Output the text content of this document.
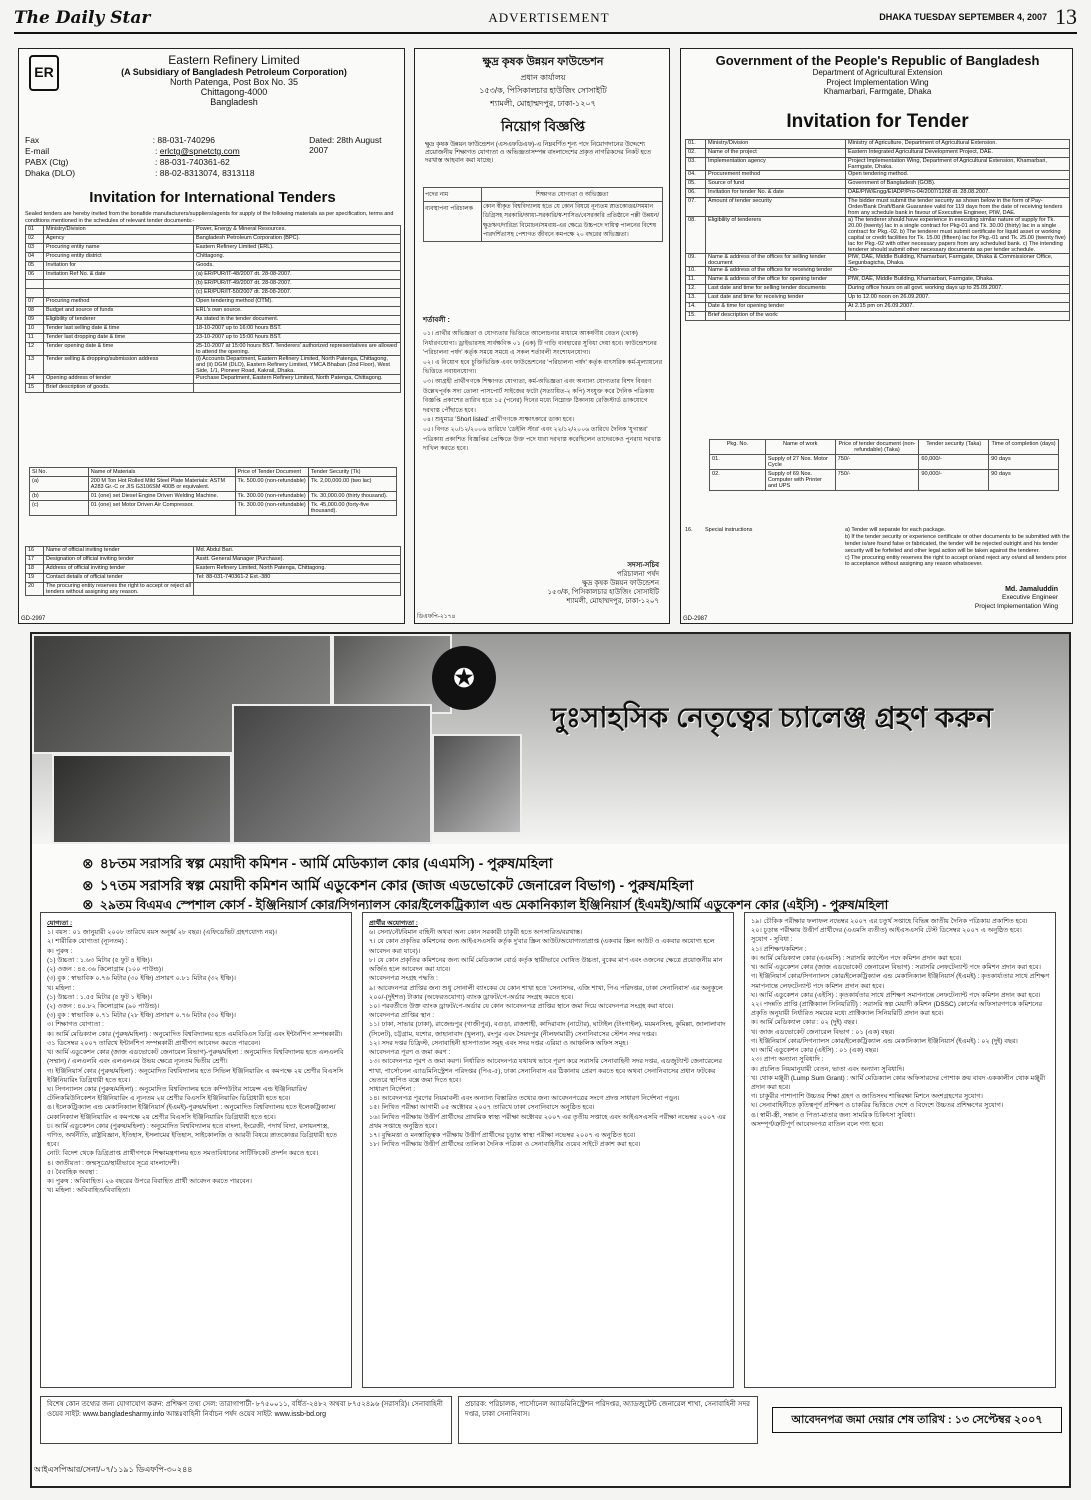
The Daily Star	ADVERTISEMENT	DHAKA TUESDAY SEPTEMBER 4, 2007 13
ER
Eastern Refinery Limited
(A Subsidiary of Bangladesh Petroleum Corporation)
North Patenga, Post Box No. 35
Chittagong-4000
Bangladesh
Fax	: 88-031-740296	Dated: 28th August 2007
E-mail	: erlctg@spnetctg.com
PABX (Ctg)	: 88-031-740361-62
Dhaka (DLO)	: 88-02-8313074, 8313118
Invitation for International Tenders
Sealed tenders are hereby invited from the bonafide manufacturers/suppliers/agents for supply of the following materials as per specification, terms and conditions mentioned in the schedules of relevant tender documents:-
01	Ministry/Division	Power, Energy & Mineral Resources.
02	Agency	Bangladesh Petroleum Corporation (BPC).
03	Procuring entity name	Eastern Refinery Limited (ERL).
04	Procuring entity district	Chittagong.
05	Invitation for	Goods.
06	Invitation Ref No. & date	(a) ER/PUR/IT-48/2007 dt. 28-08-2007.
		(b) ER/PUR/IT-49/2007 dt. 28-08-2007.
		(c) ER/PUR/IT-50/2007 dt. 28-08-2007.
07	Procuring method	Open tendering method (OTM).
08	Budget and source of funds	ERL's own source.
09	Eligibility of tenderer	As stated in the tender document.
10	Tender last selling date & time	18-10-2007 up to 16:00 hours BST.
11	Tender last dropping date & time	23-10-2007 up to 15:00 hours BST.
12	Tender opening date & time	25-10-2007 at 15:00 hours BST. Tenderers' authorized representatives are allowed to attend the opening.
13	Tender selling & dropping/submission address	(i) Accounts Department, Eastern Refinery Limited, North Patenga, Chittagong, and (ii) DGM (DLO), Eastern Refinery Limited, YMCA Bhaban (2nd Floor), West Side, 1/1, Pioneer Road, Kakrail, Dhaka.
14	Opening address of tender	Purchase Department, Eastern Refinery Limited, North Patenga, Chittagong.
15	Brief description of goods.	
Sl No.	Name of Materials	Price of Tender Document	Tender Security (Tk)
(a)	200 M Ton Hot Rolled Mild Steel Plate Materials: ASTM A283 Gr.-C or JIS G3106SM 400B or equivalent.	Tk. 500.00 (non-refundable)	Tk. 2,00,000.00 (two lac)
(b)	01 (one) set Diesel Engine Driven Welding Machine.	Tk. 300.00 (non-refundable)	Tk. 30,000.00 (thirty thousand).
(c)	01 (one) set Motor Driven Air Compressor.	Tk. 300.00 (non-refundable)	Tk. 45,000.00 (forty-five thousand).
16	Name of official inviting tender	Md. Abdul Bari.
17	Designation of official inviting tender	Asstt. General Manager (Purchase).
18	Address of official inviting tender	Eastern Refinery Limited, North Patenga, Chittagong.
19	Contact details of official tender	Tel: 88-031-740361-2 Ext.-380
20	The procuring entity reserves the right to accept or reject all tenders without assigning any reason.	
GD-2997
ক্ষুদ্র কৃষক উন্নয়ন ফাউন্ডেশন
প্রধান কার্যালয়
১৫৩/ক, পিসিকালচার হাউজিং সোসাইটি
শ্যামলী, মোহাম্মদপুর, ঢাকা-১২০৭
নিয়োগ বিজ্ঞপ্তি
ক্ষুদ্র কৃষক উন্নয়ন ফাউন্ডেশন (এসএফডিএফ)-এ নিম্নবর্ণিত শূন্য পদে নিয়োগদানের উদ্দেশ্যে প্রয়োজনীয় শিক্ষাগত যোগ্যতা ও অভিজ্ঞতাসম্পন্ন বাংলাদেশের প্রকৃত নাগরিকদের নিকট হতে দরখাস্ত আহবান করা যাচ্ছে।
পদের নাম	শিক্ষাগত যোগ্যতা ও অভিজ্ঞতা
ব্যবস্থাপনা পরিচালক	কোন স্বীকৃত বিশ্ববিদ্যালয় হতে যে কোন বিষয়ে নূন্যতম স্নাতকোত্তর/সমমান ডিগ্রিসহ সরকারি/আধা-সরকারি/স্ব-শাসিত/বেসরকারি প্রতিষ্ঠানে পল্লী উন্নয়ন/ক্ষুদ্রঋণ/দারিদ্র্য বিমোচন/সমবায়-এর ক্ষেত্রে উচ্চপদে দায়িত্ব পালনের বিশেষ পারদর্শিতাসহ পেশাগত জীবনে কমপক্ষে ২০ বছরের অভিজ্ঞতা।
শর্তাবলী :
০১। প্রার্থীর অভিজ্ঞতা ও যোগ্যতার ভিত্তিতে আলোচনার মাধ্যমে আকর্ষণীয় বেতন (থোক) নির্ধারণযোগ্য। ড্রাইভারসহ সার্বক্ষণিক ০১ (এক) টি গাড়ি ব্যবহারের সুবিধা দেয়া হবে। ফাউন্ডেশনের 'পরিচালনা পর্ষদ' কর্তৃক সময়ে সময়ে এ সকল শর্তাবলী সংশোধনযোগ্য।
০২। এ নিয়োগ হবে চুক্তিভিত্তিক এবং ফাউন্ডেশনের 'পরিচালনা পর্ষদ' কর্তৃক বাৎসরিক কর্ম-মূল্যায়নের ভিত্তিতে নবায়নযোগ্য।
০৩। আগ্রহী প্রার্থীগণকে শিক্ষাগত যোগ্যতা, কর্ম-অভিজ্ঞতা এবং অন্যান্য যোগ্যতার বিশদ বিবরণ উল্লেখপূর্বক সদ্য তোলা পাসপোর্ট সাইজের ফটো (সত্যায়িত-২ কপি) সংযুক্ত করে দৈনিক পত্রিকায় বিজ্ঞপ্তি প্রকাশের তারিখ হতে ১৫ (পনের) দিনের মধ্যে নিম্নোক্ত ঠিকানায় রেজিস্টার্ড ডাকযোগে দরখাস্ত পৌঁছাতে হবে।
০৪। শুধুমাত্র 'Short listed' প্রার্থীগণকে সাক্ষাৎকারে ডাকা হবে।
০৫। বিগত ২০/১২/২০০৬ তারিখে 'ডেইলি স্টার' এবং ২২/১২/২০০৬ তারিখে দৈনিক 'যুগান্তর' পত্রিকায় প্রকাশিত বিজ্ঞপ্তির প্রেক্ষিতে উক্ত পদে যারা দরখাস্ত করেছিলেন তাদেরকেও পুনরায় দরখাস্ত দাখিল করতে হবে।
সদস্য-সচিব
পরিচালনা পর্ষদ
ক্ষুদ্র কৃষক উন্নয়ন ফাউন্ডেশন
১৫৩/ক, পিসিকালচার হাউজিং সোসাইটি
শ্যামলী, মোহাম্মদপুর, ঢাকা-১২০৭
ডিএফপি-২১৭৪
Government of the People's Republic of Bangladesh
Department of Agricultural Extension
Project Implementation Wing
Khamarbari, Farmgate, Dhaka
Invitation for Tender
01.	Ministry/Division	Ministry of Agriculture, Department of Agricultural Extension.
02.	Name of the project	Eastern Integrated Agricultural Development Project, DAE.
03.	Implementation agency	Project Implementation Wing, Department of Agricultural Extension, Khamarbari, Farmgate, Dhaka.
04.	Procurement method	Open tendering method.
05.	Source of fund	Government of Bangladesh (GOB).
06.	Invitation for tender No. & date	DAE/PIW/Engg/EIADP/Pro-04/2007/1268 dt. 28.08.2007.
07.	Amount of tender security	The bidder must submit the tender security as shown below in the form of Pay-Order/Bank Draft/Bank Guarantee valid for 119 days from the date of receiving tenders from any schedule bank in favour of Executive Engineer, PIW, DAE.
08.	Eligibility of tenderers	a) The tenderer should have experience in executing similar nature of supply for Tk. 20.00 (twenty) lac in a single contract for Pkg-01 and Tk. 30.00 (thirty) lac in a single contract for Pkg.-02. b) The tenderer must submit certificate for liquid asset or working capital or credit facilities for Tk. 15.00 (fifteen) lac for Pkg.-01 and Tk. 25.00 (twenty five) lac for Pkg.-02 with other necessary papers from any scheduled bank. c) The intending tenderer should submit other necessary documents as per tender schedule.
09.	Name & address of the offices for selling tender document	PIW, DAE, Middle Building, Khamarbari, Farmgate, Dhaka & Commissioner Office, Segunbagicha, Dhaka.
10.	Name & address of the offices for receiving tender	-Do-
11.	Name & address of the office for opening tender	PIW, DAE, Middle Building, Khamarbari, Farmgate, Dhaka.
12.	Last date and time for selling tender documents	During office hours on all govt. working days up to 25.09.2007.
13.	Last date and time for receiving tender	Up to 12.00 noon on 26.09.2007.
14.	Date & time for opening tender	At 2.15 pm on 26.09.2007.
15.	Brief description of the work:	
Pkg. No.	Name of work	Price of tender document (non-refundable) (Taka)	Tender security (Taka)	Time of completion (days)
01.	Supply of 27 Nos. Motor Cycle	750/-	60,000/-	90 days
02.	Supply of 69 Nos. Computer with Printer and UPS	750/-	90,000/-	90 days
16.	Special instructions	a) Tender will separate for each package.
b) If the tender security or experience certificate or other documents to be submitted with the tender is/are found false or fabricated, the tender will be rejected outright and his tender security will be forfeited and other legal action will be taken against the tenderer.
c) The procuring entity reserves the right to accept or/and reject any or/and all tenders prior to acceptance without assigning any reason whatsoever.
Md. Jamaluddin
Executive Engineer
Project Implementation Wing
GD-2987
✪
দুঃসাহসিক নেতৃত্বের চ্যালেঞ্জ গ্রহণ করুন
⊗ ৪৮তম সরাসরি স্বল্প মেয়াদী কমিশন - আর্মি মেডিক্যাল কোর (এএমসি) - পুরুষ/মহিলা
⊗ ১৭তম সরাসরি স্বল্প মেয়াদী কমিশন আর্মি এডুকেশন কোর (জাজ এডভোকেট জেনারেল বিভাগ) - পুরুষ/মহিলা
⊗ ২৯তম বিএমএ স্পেশাল কোর্স - ইঞ্জিনিয়ার্স কোর/সিগন্যালস কোর/ইলেকট্রিক্যাল এন্ড মেকানিক্যাল ইঞ্জিনিয়ার্স (ইএমই)/আর্মি এডুকেশন কোর (এইসি) - পুরুষ/মহিলা
যোগ্যতা :
১। বয়স : ০১ জানুয়ারী ২০০৮ তারিখে বয়স অনূর্ধ্ব ২৮ বছর। (এফিডেভিট গ্রহণযোগ্য নয়)।
২। শারীরিক যোগ্যতা (ন্যূনতম) :
ক। পুরুষ :
(১) উচ্চতা : ১.৬৩ মিটার (৫ ফুট ৪ ইঞ্চি)।
(২) ওজন : ৪৫.৩৬ কিলোগ্রাম (১০০ পাউন্ড)।
(৩) বুক : স্বাভাবিক ০.৭৬ মিটার (৩০ ইঞ্চি) প্রসারণ ০.৮১ মিটার (৩২ ইঞ্চি)।
খ। মহিলা :
(১) উচ্চতা : ১.৫৫ মিটার (৫ ফুট ১ ইঞ্চি)।
(২) ওজন : ৪০.৮২ কিলোগ্রাম (৯০ পাউন্ড)।
(৩) বুক : স্বাভাবিক ০.৭১ মিটার (২৮ ইঞ্চি) প্রসারণ ০.৭৬ মিটার (৩০ ইঞ্চি)।
৩। শিক্ষাগত যোগ্যতা :
ক। আর্মি মেডিক্যাল কোর (পুরুষ/মহিলা) : অনুমোদিত বিশ্ববিদ্যালয় হতে এমবিবিএস ডিগ্রি এবং ইন্টার্নশিপ সম্পন্নকারী। ৩১ ডিসেম্বর ২০০৭ তারিখে ইন্টার্নশিপ সম্পন্নকারী প্রার্থীগণ আবেদন করতে পারবেন।
খ। আর্মি এডুকেশন কোর (জাজ এডভোকেট জেনারেল বিভাগ)-পুরুষ/মহিলা : অনুমোদিত বিশ্ববিদ্যালয় হতে এলএলবি (সম্মান) / এলএলবি এবং এলএলএম উভয় ক্ষেত্রে ন্যূনতম দ্বিতীয় শ্রেণী।
গ। ইঞ্জিনিয়ার্স কোর (পুরুষ/মহিলা) : অনুমোদিত বিশ্ববিদ্যালয় হতে সিভিল ইঞ্জিনিয়ারিং এ কমপক্ষে ২য় শ্রেণীর বিএসসি ইঞ্জিনিয়ারিং ডিগ্রিধারী হতে হবে।
ঘ। সিগন্যালস কোর (পুরুষ/মহিলা) : অনুমোদিত বিশ্ববিদ্যালয় হতে কম্পিউটার সায়েন্স এন্ড ইঞ্জিনিয়ারিং/টেলিকমিউনিকেশন ইঞ্জিনিয়ারিং এ ন্যূনতম ২য় শ্রেণীর বিএসসি ইঞ্জিনিয়ারিং ডিগ্রিধারী হতে হবে।
ঙ। ইলেকট্রিক্যাল এন্ড মেকানিক্যাল ইঞ্জিনিয়ার্স (ইএমই)-পুরুষ/মহিলা : অনুমোদিত বিশ্ববিদ্যালয় হতে ইলেকট্রিক্যাল/মেকানিক্যাল ইঞ্জিনিয়ারিং এ কমপক্ষে ২য় শ্রেণীর বিএসসি ইঞ্জিনিয়ারিং ডিগ্রিধারী হতে হবে।
চ। আর্মি এডুকেশন কোর (পুরুষ/মহিলা) : অনুমোদিত বিশ্ববিদ্যালয় হতে বাংলা, ইংরেজী, পদার্থ বিদ্যা, রসায়নশাস্ত্র, গণিত, অর্থনীতি, রাষ্ট্রবিজ্ঞান, ইতিহাস, ইসলামের ইতিহাস, সাইকোলজি ও আরবী বিষয়ে স্নাতকোত্তর ডিগ্রিধারী হতে হবে।
নোট: বিদেশ থেকে ডিগ্রিপ্রাপ্ত প্রার্থীগণকে শিক্ষামন্ত্রণালয় হতে সমতাবিধানের সার্টিফিকেট প্রদর্শন করতে হবে।
৪। জাতীয়তা : জন্মসূত্রে/স্থায়ীভাবে সূত্রে বাংলাদেশী।
৫। বৈবাহিক অবস্থা :
ক। পুরুষ : অবিবাহিত। ২৬ বছরের উপরে বিবাহিত প্রার্থী আবেদন করতে পারবেন।
খ। মহিলা : অবিবাহিত/বিবাহিতা।
প্রার্থীর অযোগ্যতা :
৬। সেনা/নৌ/বিমান বাহিনী অথবা অন্য কোন সরকারী চাকুরী হতে অপসারিত/বরখাস্ত।
৭। যে কোন প্রকৃতির কমিশনের জন্য আইএসএসবি কর্তৃক দু'বার স্ক্রিন আউট/অযোগ্যতাপ্রাপ্ত (একবার স্ক্রিন আউট ও একবার অযোগ্য হলে আবেদন করা যাবে)।
৮। যে কোন প্রকৃতির কমিশনের জন্য আর্মি মেডিক্যাল বোর্ড কর্তৃক স্থায়ীভাবে ঘোষিত উচ্চতা, বুকের মাপ এবং ওজনের ক্ষেত্রে প্রয়োজনীয় মান অর্জিত হলে আবেদন করা যাবে।
আবেদনপত্র সংগ্রহ পদ্ধতি :
৯। আবেদনপত্র প্রাপ্তির জন্য শুধু সোনালী ব্যাংকের যে কোন শাখা হতে 'সেনাসদর, এজি শাখা, পিএ পরিদপ্তর, ঢাকা সেনানিবাস' এর অনুকূলে ২০০/-(দুইশত) টাকার (অফেরতযোগ্য) ব্যাংক ড্রাফট/পে-অর্ডার সংগ্রহ করতে হবে।
১০। পরবর্তীতে উক্ত ব্যাংক ড্রাফট/পে-অর্ডার যে কোন আবেদনপত্র প্রাপ্তির স্থানে জমা দিয়ে আবেদনপত্র সংগ্রহ করা যাবে।
আবেদনপত্র প্রাপ্তির স্থান :
১১। ঢাকা, সাভার (ঢাকা), রাজেন্দ্রপুর (গাজীপুর), বগুড়া, রাজশাহী, কাদিরাবাদ (নাটোর), ঘাটাইল (টাংগাইল), ময়মনসিংহ, কুমিল্লা, জালালাবাদ (সিলেট), চট্টগ্রাম, যশোর, জাহানাবাদ (খুলনা), রংপুর এবং সৈয়দপুর (নীলফামারী) সেনানিবাসের স্টেশন সদর দপ্তর।
১২। সদর দপ্তর চিফ্রিস্ট, সেনাবাহিনী হাসপাতাল সমূহ এবং সদর দপ্তর এরিয়া ও আঞ্চলিক অফিস সমূহ।
আবেদনপত্র পূরণ ও জমা করণ :
১৩। আবেদনপত্র পূরণ ও জমা করণ। নির্ধারিত আবেদনপত্র যথাযথ ভাবে পূরণ করে সরাসরি সেনাবাহিনী সদর দপ্তর, এডজুট্যান্ট জেনারেলের শাখা, পার্সোনেল এ্যাডমিনিস্ট্রেশন পরিদপ্তর (পিএ-৫), ঢাকা সেনানিবাস এর ঠিকানায় প্রেরণ করতে হবে অথবা সেনানিবাসের প্রধান ফটকের ভেতরে স্থাপিত বক্সে জমা দিতে হবে।
সাধারণ নির্দেশনা :
১৪। আবেদনপত্র পূরণের নিয়মাবলী এবং অন্যান্য বিস্তারিত তথ্যের জন্য আবেদনপত্রের সংগে প্রদত্ত সাধারণ নির্দেশনা পড়ুন।
১৫। লিখিত পরীক্ষা আগামী ০৫ অক্টোবর ২০০৭ তারিখে ঢাকা সেনানিবাসে অনুষ্ঠিত হবে।
১৬। লিখিত পরীক্ষায় উত্তীর্ণ প্রার্থীদের প্রাথমিক স্বাস্থ্য পরীক্ষা অক্টোবর ২০০৭ এর তৃতীয় সপ্তাহে এবং আইএসএসবি পরীক্ষা নভেম্বর ২০০৭ এর প্রথম সপ্তাহে অনুষ্ঠিত হবে।
১৭। বুদ্ধিমত্তা ও মনস্তাত্ত্বিক পরীক্ষায় উত্তীর্ণ প্রার্থীদের চূড়ান্ত স্বাস্থ্য পরীক্ষা নভেম্বর ২০০৭ এ অনুষ্ঠিত হবে।
১৮। লিখিত পরীক্ষায় উত্তীর্ণ প্রার্থীদের তালিকা দৈনিক পত্রিকা ও সেনাবাহিনীর ওয়েব সাইটে প্রকাশ করা হবে।
১৯। চৌকিক পরীক্ষার ফলাফল নভেম্বর ২০০৭ এর চতুর্থ সপ্তাহে বিভিন্ন জাতীয় দৈনিক পত্রিকায় প্রকাশিত হবে।
২০। চূড়ান্ত পরীক্ষায় উত্তীর্ণ প্রার্থীদের (এএমসি ব্যতীত) আইএসএসবি টেস্ট ডিসেম্বর ২০০৭ এ অনুষ্ঠিত হবে।
সুযোগ - সুবিধা :
২১। প্রশিক্ষণ/কমিশন :
ক। আর্মি মেডিক্যাল কোর (এএমসি) : সরাসরি ক্যাপ্টেন পদে কমিশন প্রদান করা হবে।
খ। আর্মি এডুকেশন কোর (জাজ এডভোকেট জেনারেল বিভাগ) : সরাসরি লেফটেন্যান্ট পদে কমিশন প্রদান করা হবে।
গ। ইঞ্জিনিয়ার্স কোর/সিগন্যালস কোর/ইলেকট্রিক্যাল এন্ড মেকানিক্যাল ইঞ্জিনিয়ার্স (ইএমই) : কৃতকার্য্যতার সাথে প্রশিক্ষণ সমাপনান্তে লেফটেন্যান্ট পদে কমিশন প্রদান করা হবে।
ঘ। আর্মি এডুকেশন কোর (এইসি) : কৃতকার্যতার সাথে প্রশিক্ষণ সমাপনান্তে লেফটেন্যান্ট পদে কমিশন প্রদান করা হবে।
২২। পদন্নতি প্রাপ্তি (প্রাক্টিক্যাল সিনিয়রিটি) : সরাসরি স্বল্প মেয়াদী কমিশন (DSSC) কোর্সের অফিসারগণকে কমিশনের প্রকৃতি অনুযায়ী নির্ধারিত সময়ের মধ্যে প্রাক্টিক্যাল সিনিয়রিটি প্রদান করা হবে।
ক। আর্মি মেডিক্যাল কোর : ০২ (দুই) বছর।
খ। জাজ এডভোকেট জেনারেল বিভাগ : ০১ (এক) বছর।
গ। ইঞ্জিনিয়ার্স কোর/সিগন্যালস কোর/ইলেকট্রিক্যাল এন্ড মেকানিক্যাল ইঞ্জিনিয়ার্স (ইএমই) : ০২ (দুই) বছর।
ঘ। আর্মি এডুকেশন কোর (এইসি) : ০১ (এক) বছর।
২৩। প্রাপ্য অন্যান্য সুবিধাদি :
ক। প্রচলিত নিয়মানুযায়ী বেতন, ভাতা এবং অন্যান্য সুবিধাদি।
খ। থোক মঞ্জুরী (Lump Sum Grant) : আর্মি মেডিক্যাল কোর অফিসারদের পোশাক ক্রয় বাবদ এককালীন থোক মঞ্জুরী প্রদান করা হবে।
গ। চাকুরীর পাশাপাশি উচ্চতর শিক্ষা গ্রহণ ও জাতিসংঘ শান্তিরক্ষা মিশনে অংশগ্রহণের সুযোগ।
ঘ। সেনাবাহিনীতে কৃতিত্বপূর্ণ প্রশিক্ষণ ও চাকরির ভিত্তিতে দেশে ও বিদেশে উচ্চতর প্রশিক্ষণের সুযোগ।
ঙ। স্বামী-স্ত্রী, সন্তান ও পিতা-মাতার জন্য সামরিক চিকিৎসা সুবিধা।
অসম্পূর্ণ/ত্রুটিপূর্ণ আবেদনপত্র বাতিল বলে গণ্য হবে।
বিশেষ কোন তথ্যের জন্য যোগাযোগ করুন: প্রশিক্ষণ তথ্য সেল: তারাগাপাটী- ৮৭৫০০১১, বর্ধিত-২৪৮২ অথবা ৮৭৫২৪৯৬ (সরাসরি)। সেনাবাহিনী ওয়েব সাইট: www.bangladesharmy.info আন্তঃবাহিনী নির্বাচন পর্ষদ ওয়েব সাইট: www.issb-bd.org
প্রচারক: পরিচালক, পার্সোনেল অ্যাডমিনিস্ট্রেশন পরিদপ্তর, অ্যাডজুটেন্ট জেনারেল শাখা, সেনাবাহিনী সদর দপ্তর, ঢাকা সেনানিবাস।	আবেদনপত্র জমা দেয়ার শেষ তারিখ : ১৩ সেপ্টেম্বর ২০০৭
আইএসপিআর/সেনা/০৭/১১৯১ ডিএফপি-৩০২৪৪
